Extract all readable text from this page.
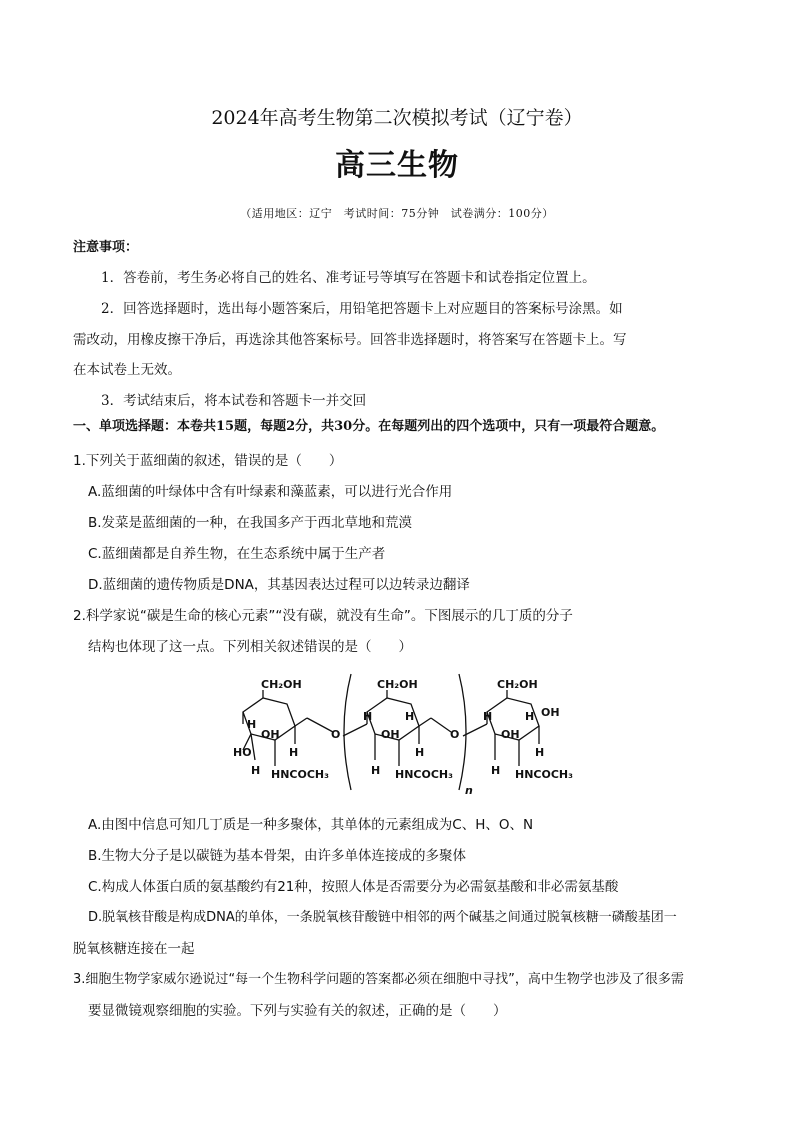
2024年高考生物第二次模拟考试（辽宁卷）
高三生物
（适用地区：辽宁　考试时间：75分钟　试卷满分：100分）
注意事项：
1．答卷前，考生务必将自己的姓名、准考证号等填写在答题卡和试卷指定位置上。
2．回答选择题时，选出每小题答案后，用铅笔把答题卡上对应题目的答案标号涂黑。如
需改动，用橡皮擦干净后，再选涂其他答案标号。回答非选择题时，将答案写在答题卡上。写
在本试卷上无效。
3．考试结束后，将本试卷和答题卡一并交回
一、单项选择题：本卷共15题，每题2分，共30分。在每题列出的四个选项中，只有一项最符合题意。
1.下列关于蓝细菌的叙述，错误的是（　　）
A.蓝细菌的叶绿体中含有叶绿素和藻蓝素，可以进行光合作用
B.发菜是蓝细菌的一种，在我国多产于西北草地和荒漠
C.蓝细菌都是自养生物，在生态系统中属于生产者
D.蓝细菌的遗传物质是DNA，其基因表达过程可以边转录边翻译
2.科学家说“碳是生命的核心元素”“没有碳，就没有生命”。下图展示的几丁质的分子
结构也体现了这一点。下列相关叙述错误的是（　　）
CH₂OH
H
OH
HO	H
H HNCOCH₃
O
CH₂OH
H	H
OH
H
H HNCOCH₃
O
n
CH₂OH
H	H OH
OH
H
H HNCOCH₃
A.由图中信息可知几丁质是一种多聚体，其单体的元素组成为C、H、O、N
B.生物大分子是以碳链为基本骨架，由许多单体连接成的多聚体
C.构成人体蛋白质的氨基酸约有21种，按照人体是否需要分为必需氨基酸和非必需氨基酸
D.脱氧核苷酸是构成DNA的单体，一条脱氧核苷酸链中相邻的两个碱基之间通过脱氧核糖一磷酸基团一
脱氧核糖连接在一起
3.细胞生物学家威尔逊说过“每一个生物科学问题的答案都必须在细胞中寻找”，高中生物学也涉及了很多需
要显微镜观察细胞的实验。下列与实验有关的叙述，正确的是（　　）
